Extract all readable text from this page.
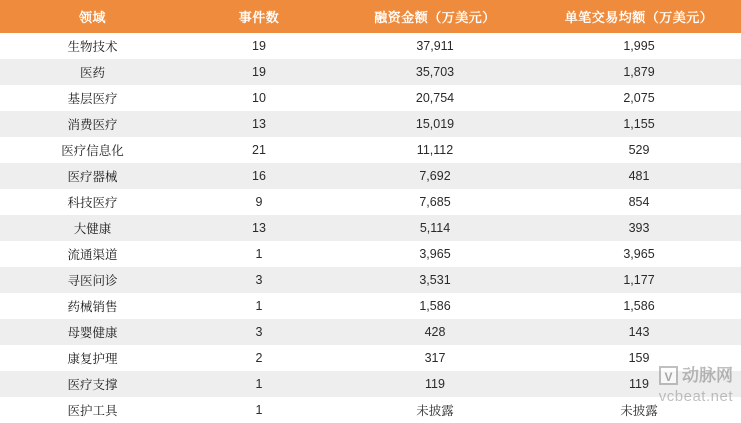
领域	事件数	融资金额（万美元）	单笔交易均额（万美元）
生物技术	19	37,911	1,995
医药	19	35,703	1,879
基层医疗	10	20,754	2,075
消费医疗	13	15,019	1,155
医疗信息化	21	11,112	529
医疗器械	16	7,692	481
科技医疗	9	7,685	854
大健康	13	5,114	393
流通渠道	1	3,965	3,965
寻医问诊	3	3,531	1,177
药械销售	1	1,586	1,586
母婴健康	3	428	143
康复护理	2	317	159
医疗支撑	1	119	119
医护工具	1	未披露	未披露
V 动脉网
vcbeat.net
